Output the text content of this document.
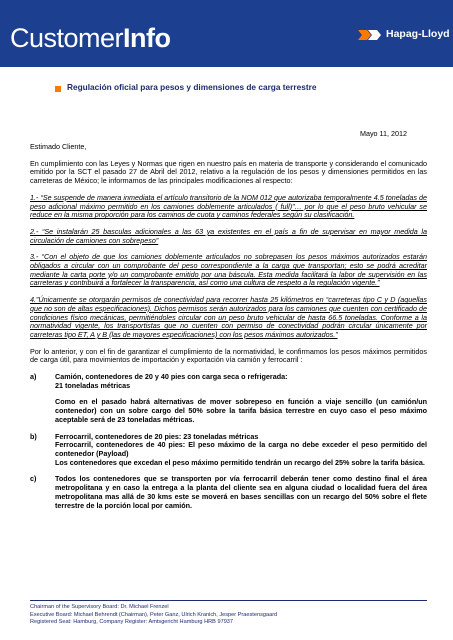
CustomerInfo	Hapag-Lloyd
Regulación oficial para pesos y dimensiones de carga terrestre
Mayo 11, 2012

Estimado Cliente,

En cumplimiento con las Leyes y Normas que rigen en nuestro país en materia de transporte y considerando el comunicado emitido por la SCT el pasado 27 de Abril del 2012, relativo a la regulación de los pesos y dimensiones permitidos en las carreteras de México; le informamos de las principales modificaciones al respecto:

1.- “Se suspende de manera inmediata el artículo transitorio de la NOM 012 que autorizaba temporalmente 4.5 toneladas de peso adicional máximo permitido en los camiones doblemente articulados ( full)”… por lo que el peso bruto vehicular se reduce en la misma proporción para los caminos de cuota y caminos federales según su clasificación.

2.- “Se instalarán 25 basculas adicionales a las 63 ya existentes en el país a fin de supervisar en mayor medida la circulación de camiones con sobrepeso”

3.- “Con el objeto de que los camiones doblemente articulados no sobrepasen los pesos máximos autorizados estarán obligados a circular con un comprobante del peso correspondiente a la carga que transportan; esto se podrá acreditar mediante la carta porte y/o un comprobante emitido por una báscula. Esta medida facilitará la labor de supervisión en las carreteras y contribuirá a fortalecer la transparencia, así como una cultura de respeto a la regulación vigente.”

4.”Únicamente se otorgarán permisos de conectividad para recorrer hasta 25 kilómetros en “carreteras tipo C y D (aquellas que no son de altas especificaciones). Dichos permisos serán autorizados para los camiones que cuenten con certificado de condiciones físico mecánicas, permitiéndoles circular con un peso bruto vehicular de hasta 66.5 toneladas. Conforme a la normatividad vigente, los transportistas que no cuenten con permiso de conectividad podrán circular únicamente por carreteras tipo ET, A y B (las de mayores especificaciones) con los pesos máximos autorizados.”

Por lo anterior, y con el fin de garantizar el cumplimiento de la normatividad, le confirmamos los pesos máximos permitidos de carga útil, para movimientos de importación y exportación vía camión y ferrocarril :

a)	Camión, contenedores de 20 y 40 pies con carga seca o refrigerada:
21 toneladas métricas
Como en el pasado habrá alternativas de mover sobrepeso en función a viaje sencillo (un camión/un contenedor) con un sobre cargo del 50% sobre la tarifa básica terrestre en cuyo caso el peso máximo aceptable será de 23 toneladas métricas.
b)	Ferrocarril, contenedores de 20 pies: 23 toneladas métricas
Ferrocarril, contenedores de 40 pies: El peso máximo de la carga no debe exceder el peso permitido del contenedor (Payload)
Los contenedores que excedan el peso máximo permitido tendrán un recargo del 25% sobre la tarifa básica.
c)	Todos los contenedores que se transporten por vía ferrocarril deberán tener como destino final el área metropolitana y en caso la entrega a la planta del cliente sea en alguna ciudad o localidad fuera del área metropolitana mas allá de 30 kms este se moverá en bases sencillas con un recargo del 50% sobre el flete terrestre de la porción local por camión.
Chairman of the Supervisory Board: Dr. Michael Frenzel
Executive Board: Michael Behrendt (Chairman), Peter Ganz, Ulrich Kranich, Jesper Praestensgaard
Registered Seat: Hamburg, Company Register: Amtsgericht Hamburg HRB 97937
